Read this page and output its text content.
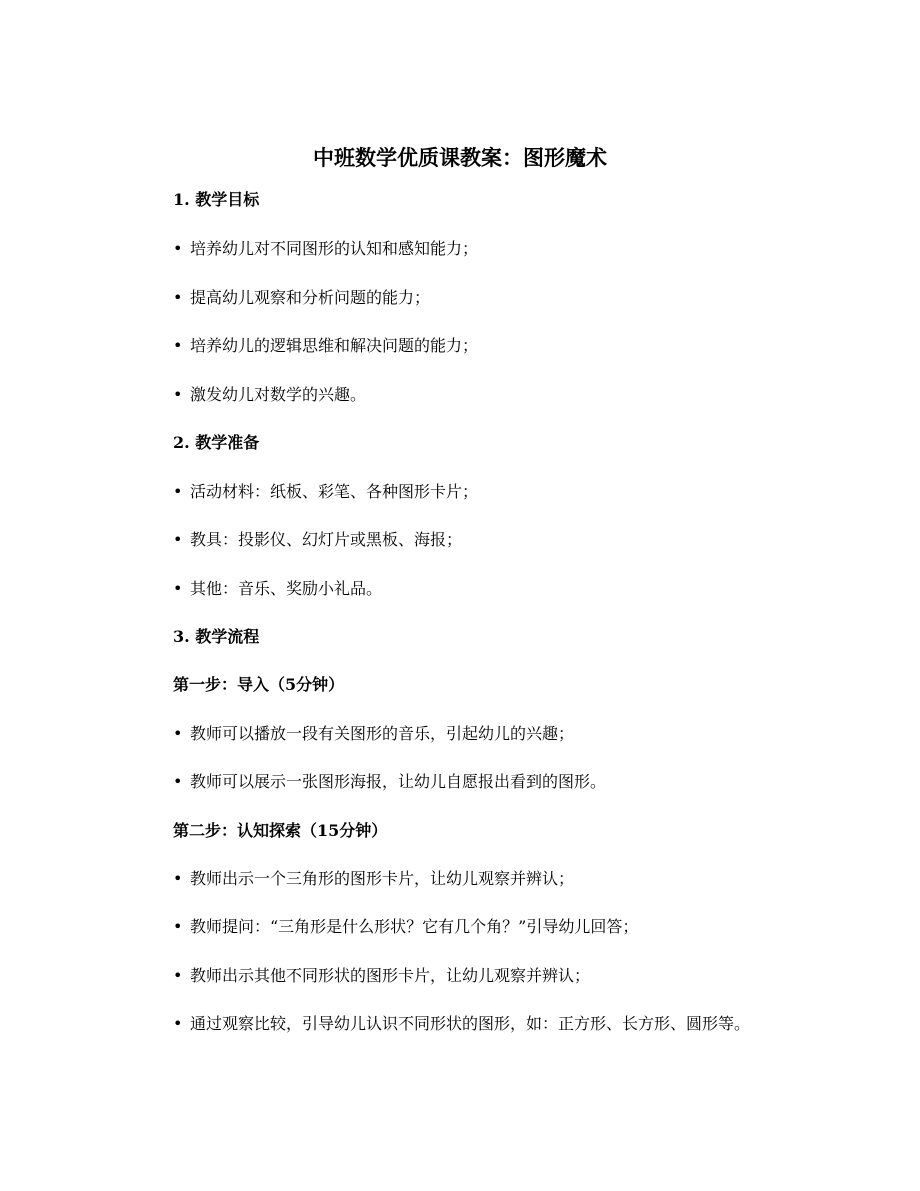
中班数学优质课教案：图形魔术
1. 教学目标
• 培养幼儿对不同图形的认知和感知能力；
• 提高幼儿观察和分析问题的能力；
• 培养幼儿的逻辑思维和解决问题的能力；
• 激发幼儿对数学的兴趣。
2. 教学准备
• 活动材料：纸板、彩笔、各种图形卡片；
• 教具：投影仪、幻灯片或黑板、海报；
• 其他：音乐、奖励小礼品。
3. 教学流程
第一步：导入（5分钟）
• 教师可以播放一段有关图形的音乐，引起幼儿的兴趣；
• 教师可以展示一张图形海报，让幼儿自愿报出看到的图形。
第二步：认知探索（15分钟）
• 教师出示一个三角形的图形卡片，让幼儿观察并辨认；
• 教师提问：“三角形是什么形状？它有几个角？”引导幼儿回答；
• 教师出示其他不同形状的图形卡片，让幼儿观察并辨认；
• 通过观察比较，引导幼儿认识不同形状的图形，如：正方形、长方形、圆形等。
